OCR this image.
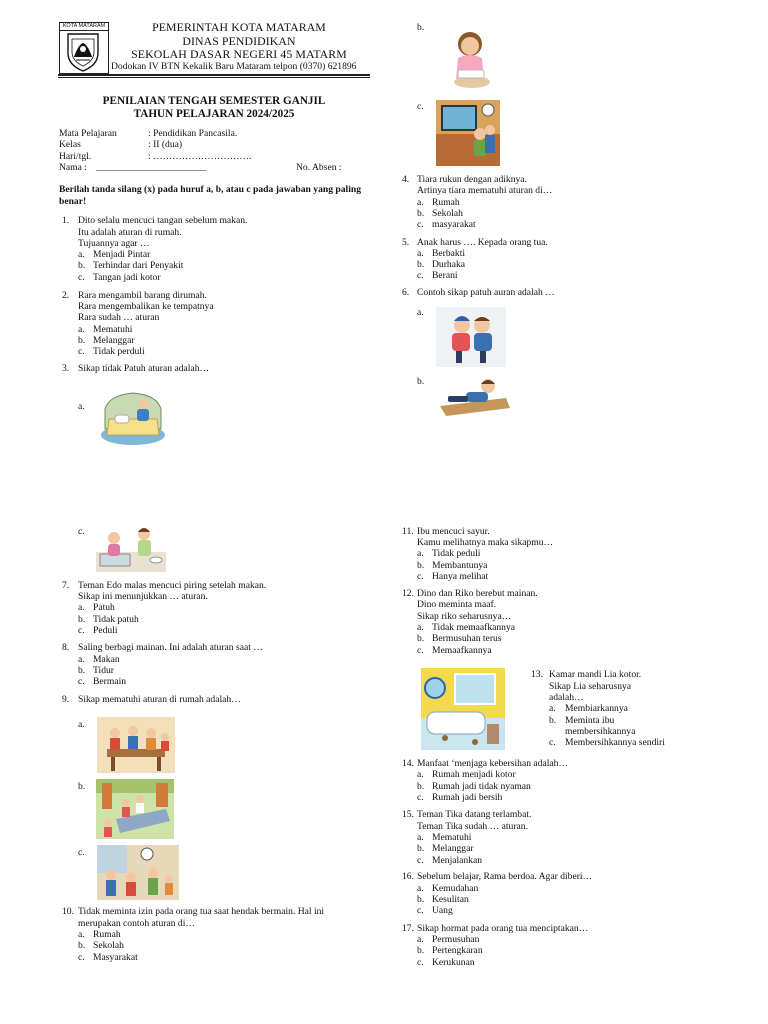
KOTA MATARAM	PEMERINTAH KOTA MATARAM
DINAS PENDIDIKAN
SEKOLAH DASAR NEGERI 45 MATARM
Dodokan IV BTN Kekalik Baru Mataram telpon (0370) 621896
PENILAIAN TENGAH SEMESTER GANJIL
TAHUN PELAJARAN 2024/2025
Mata Pelajaran	: Pendidikan Pancasila.
Kelas	: II (dua)
Hari/tgl.	: ………………………….
Nama : _______________________	No. Absen :
Berilah tanda silang (x) pada huruf a, b, atau c pada jawaban yang paling
benar!
1. Dito selalu mencuci tangan sebelum makan.
Itu adalah aturan di rumah.
Tujuannya agar …
a. Menjadi Pintar
b. Terhindar dari Penyakit
c. Tangan jadi kotor
2. Rara mengambil barang dirumah.
Rara mengembalikan ke tempatnya
Rara sudah … aturan
a. Mematuhi
b. Melanggar
c. Tidak perduli
3. Sikap tidak Patuh aturan adalah…
a.
c.
7. Teman Edo malas mencuci piring setelah makan.
Sikap ini menunjukkan … aturan.
a. Patuh
b. Tidak patuh
c. Peduli
8. Saling berbagi mainan. Ini adalah aturan saat …
a. Makan
b. Tidur
c. Bermain
9. Sikap mematuhi aturan di rumah adalah…
a.
b.
c.
10. Tidak meminta izin pada orang tua saat hendak bermain. Hal ini
merupakan contoh aturan di…
a. Rumah
b. Sekolah
c. Masyarakat
b.
c.
4. Tiara rukun dengan adiknya.
Artinya tiara mematuhi aturan di…
a. Rumah
b. Sekolah
c. masyarakat
5. Anak harus …. Kepada orang tua.
a. Berbakti
b. Durhaka
c. Berani
6. Contoh sikap patuh auran adalah …
a.
b.
11. Ibu mencuci sayur.
Kamu melihatnya maka sikapmu…
a. Tidak peduli
b. Membantunya
c. Hanya melihat
12. Dino dan Riko berebut mainan.
Dino meminta maaf.
Sikap riko seharusnya…
a. Tidak memaafkannya
b. Bermusuhan terus
c. Memaafkannya
13. Kamar mandi Lia kotor.
Sikap Lia seharusnya
adalah…
a. Membiarkannya
b. Meminta ibu
membersihkannya
c. Membersihkannya sendiri
14. Manfaat ‘menjaga kebersihan adalah…
a. Rumah menjadi kotor
b. Rumah jadi tidak nyaman
c. Rumah jadi bersih
15. Teman Tika datang terlambat.
Teman Tika sudah … aturan.
a. Mematuhi
b. Melanggar
c. Menjalankan
16. Sebelum belajar, Rama berdoa. Agar diberi…
a. Kemudahan
b. Kesulitan
c. Uang
17. Sikap hormat pada orang tua menciptakan…
a. Permusuhan
b. Pertengkaran
c. Kerukunan
